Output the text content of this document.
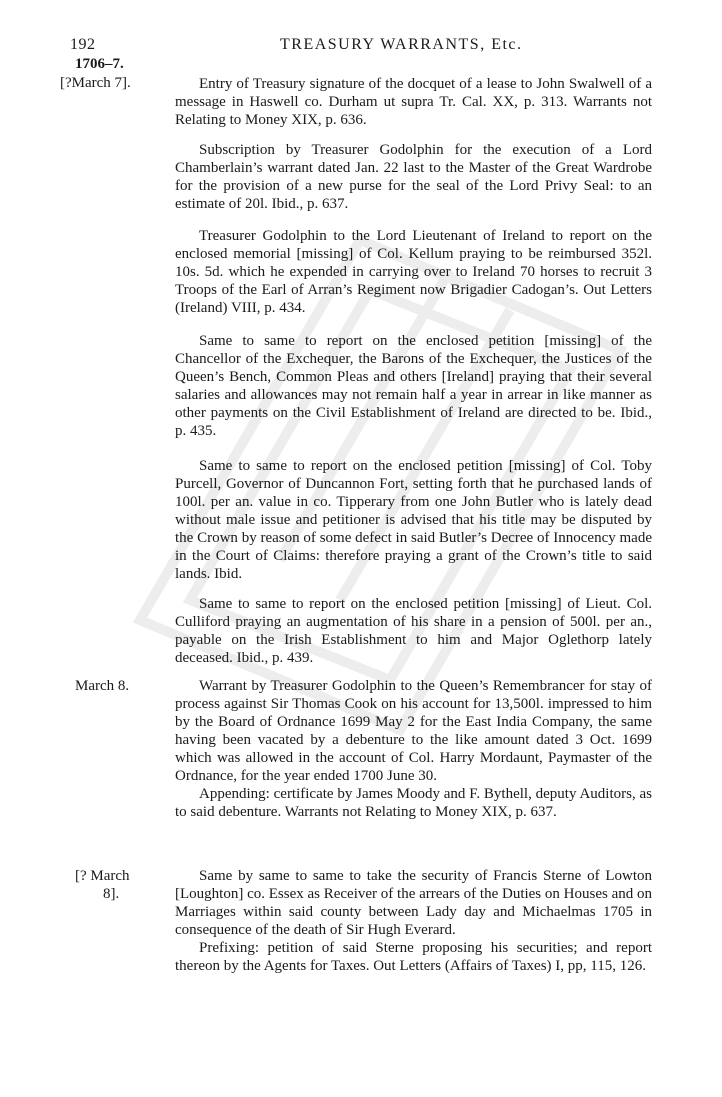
192	TREASURY WARRANTS, Etc.
1706–7.
[?March 7].
March 8.
[? March
8].

Entry of Treasury signature of the docquet of a lease to John Swalwell of a message in Haswell co. Durham ut supra Tr. Cal. XX, p. 313. Warrants not Relating to Money XIX, p. 636.

Subscription by Treasurer Godolphin for the execution of a Lord Chamberlain’s warrant dated Jan. 22 last to the Master of the Great Wardrobe for the provision of a new purse for the seal of the Lord Privy Seal: to an estimate of 20l. Ibid., p. 637.

Treasurer Godolphin to the Lord Lieutenant of Ireland to report on the enclosed memorial [missing] of Col. Kellum praying to be reimbursed 352l. 10s. 5d. which he expended in carrying over to Ireland 70 horses to recruit 3 Troops of the Earl of Arran’s Regiment now Brigadier Cadogan’s. Out Letters (Ireland) VIII, p. 434.

Same to same to report on the enclosed petition [missing] of the Chancellor of the Exchequer, the Barons of the Exchequer, the Justices of the Queen’s Bench, Common Pleas and others [Ireland] praying that their several salaries and allowances may not remain half a year in arrear in like manner as other payments on the Civil Establishment of Ireland are directed to be. Ibid., p. 435.

Same to same to report on the enclosed petition [missing] of Col. Toby Purcell, Governor of Duncannon Fort, setting forth that he purchased lands of 100l. per an. value in co. Tipperary from one John Butler who is lately dead without male issue and petitioner is advised that his title may be disputed by the Crown by reason of some defect in said Butler’s Decree of Innocency made in the Court of Claims: therefore praying a grant of the Crown’s title to said lands. Ibid.

Same to same to report on the enclosed petition [missing] of Lieut. Col. Culliford praying an augmentation of his share in a pension of 500l. per an., payable on the Irish Establishment to him and Major Oglethorp lately deceased. Ibid., p. 439.

Warrant by Treasurer Godolphin to the Queen’s Remembrancer for stay of process against Sir Thomas Cook on his account for 13,500l. impressed to him by the Board of Ordnance 1699 May 2 for the East India Company, the same having been vacated by a debenture to the like amount dated 3 Oct. 1699 which was allowed in the account of Col. Harry Mordaunt, Paymaster of the Ordnance, for the year ended 1700 June 30.

Appending: certificate by James Moody and F. Bythell, deputy Auditors, as to said debenture. Warrants not Relating to Money XIX, p. 637.

Same by same to same to take the security of Francis Sterne of Lowton [Loughton] co. Essex as Receiver of the arrears of the Duties on Houses and on Marriages within said county between Lady day and Michaelmas 1705 in consequence of the death of Sir Hugh Everard.

Prefixing: petition of said Sterne proposing his securities; and report thereon by the Agents for Taxes. Out Letters (Affairs of Taxes) I, pp, 115, 126.
